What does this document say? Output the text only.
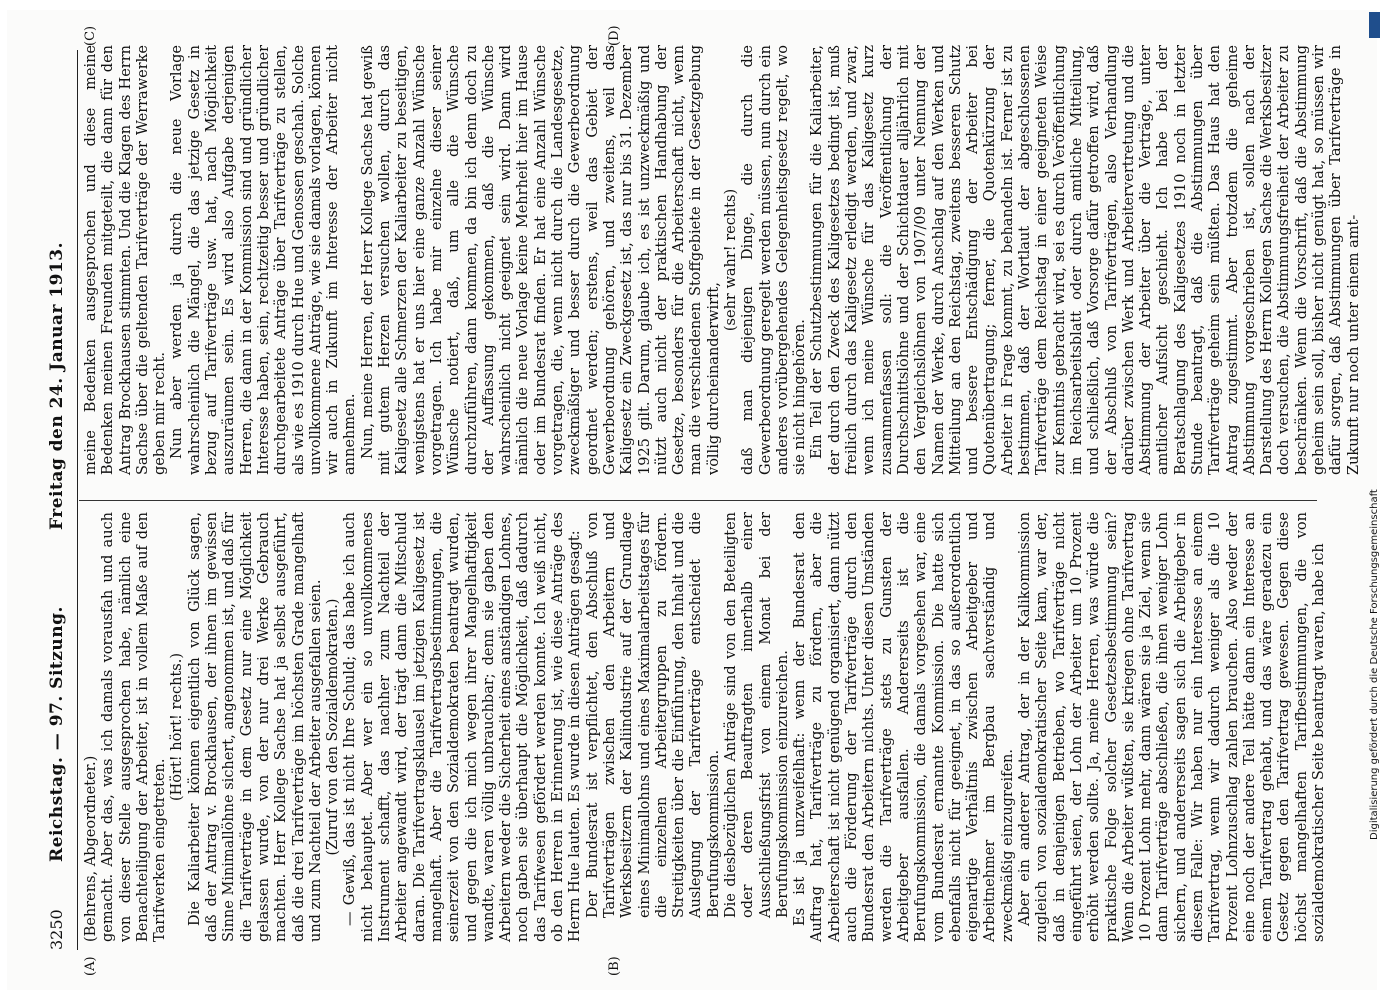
3250
Reichstag. — 97. Sitzung.
Freitag den 24. Januar 1913.
(A)	(B)
(C)	(D)

(Behrens, Abgeordneter.) gemacht. Aber das, was ich damals vorausfah und auch von dieser Stelle ausgesprochen habe, nämlich eine Benachteiligung der Arbeiter, ist in vollem Maße auf den Tarifwerken eingetreten.

(Hört! hört! rechts.) Die Kaliarbeiter können eigentlich von Glück sagen, daß der Antrag v. Brockhausen, der ihnen im gewissen Sinne Minimallöhne sichert, angenommen ist, und daß für die Tarifverträge in dem Gesetz nur eine Möglichkeit gelassen wurde, von der nur drei Werke Gebrauch machten. Herr Kollege Sachse hat ja selbst ausgeführt, daß die drei Tarifverträge im höchsten Grade mangelhaft und zum Nachteil der Arbeiter ausgefallen seien. (Zuruf von den Sozialdemokraten.) — Gewiß, das ist nicht Ihre Schuld; das habe ich auch nicht behauptet. Aber wer ein so unvollkommenes Instrument schafft, das nachher zum Nachteil der Arbeiter angewandt wird, der trägt dann die Mitschuld daran. Die Tarifvertragsklausel im jetzigen Kaligesetz ist mangelhaft. Aber die Tarifvertragsbestimmungen, die seinerzeit von den Sozialdemokraten beantragt wurden, und gegen die ich mich wegen ihrer Mangelhaftigkeit wandte, waren völlig unbrauchbar; denn sie gaben den Arbeitern weder die Sicherheit eines anständigen Lohnes, noch gaben sie überhaupt die Möglichkeit, daß dadurch das Tarifwesen gefördert werden konnte. Ich weiß nicht, ob den Herren in Erinnerung ist, wie diese Anträge des Herrn Hue lauten. Es wurde in diesen Anträgen gesagt: Der Bundesrat ist verpflichtet, den Abschluß von Tarifverträgen zwischen den Arbeitern und Werksbesitzern der Kaliindustrie auf der Grundlage eines Minimallohns und eines Maximalarbeitstages für die einzelnen Arbeitergruppen zu fördern. Streitigkeiten über die Einführung, den Inhalt und die Auslegung der Tarifverträge entscheidet die Berufungskommission. Die diesbezüglichen Anträge sind von den Beteiligten oder deren Beauftragten innerhalb einer Ausschließungsfrist von einem Monat bei der Berufungskommission einzureichen. Es ist ja unzweifelhaft: wenn der Bundesrat den Auftrag hat, Tarifverträge zu fördern, aber die Arbeiterschaft ist nicht genügend organisiert, dann nützt auch die Förderung der Tarifverträge durch den Bundesrat den Arbeitern nichts. Unter diesen Umständen werden die Tarifverträge stets zu Gunsten der Arbeitgeber ausfallen. Andererseits ist die Berufungskommission, die damals vorgesehen war, eine vom Bundesrat ernannte Kommission. Die hatte sich ebenfalls nicht für geeignet, in das so außerordentlich eigenartige Verhältnis zwischen Arbeitgeber und Arbeitnehmer im Bergbau sachverständig und zweckmäßig einzugreifen. Aber ein anderer Antrag, der in der Kalikommission zugleich von sozialdemokratischer Seite kam, war der, daß in denjenigen Betrieben, wo Tarifverträge nicht eingeführt seien, der Lohn der Arbeiter um 10 Prozent erhöht werden sollte. Ja, meine Herren, was würde die praktische Folge solcher Gesetzesbestimmung sein? Wenn die Arbeiter wüßten, sie kriegen ohne Tarifvertrag 10 Prozent Lohn mehr, dann wären sie ja Ziel, wenn sie dann Tarifverträge abschließen, die ihnen weniger Lohn sichern, und andererseits sagen sich die Arbeitgeber in diesem Falle: Wir haben nur ein Interesse an einem Tarifvertrag, wenn wir dadurch weniger als die 10 Prozent Lohnzuschlag zahlen brauchen. Also weder der eine noch der andere Teil hätte dann ein Interesse an einem Tarifvertrag gehabt, und das wäre geradezu ein Gesetz gegen den Tarifvertrag gewesen. Gegen diese höchst mangelhaften Tarifbestimmungen, die von sozialdemokratischer Seite beantragt waren, habe ich

meine Bedenken ausgesprochen und diese meine Bedenken meinen Freunden mitgeteilt, die dann für den Antrag Brockhausen stimmten. Und die Klagen des Herrn Sachse über die geltenden Tarifverträge der Werrawerke geben mir recht. Nun aber werden ja durch die neue Vorlage wahrscheinlich die Mängel, die das jetzige Gesetz in bezug auf Tarifverträge usw. hat, nach Möglichkeit auszuräumen sein. Es wird also Aufgabe derjenigen Herren, die dann in der Kommission sind und gründlicher Interesse haben, sein, rechtzeitig besser und gründlicher durchgearbeitete Anträge über Tarifverträge zu stellen, als wie es 1910 durch Hue und Genossen geschah. Solche unvollkommene Anträge, wie sie damals vorlagen, können wir auch in Zukunft im Interesse der Arbeiter nicht annehmen. Nun, meine Herren, der Herr Kollege Sachse hat gewiß mit gutem Herzen versuchen wollen, durch das Kaligesetz alle Schmerzen der Kaliarbeiter zu beseitigen, wenigstens hat er uns hier eine ganze Anzahl Wünsche vorgetragen. Ich habe mir einzelne dieser seiner Wünsche notiert, daß, um alle die Wünsche durchzuführen, dann kommen, da bin ich denn doch zu der Auffassung gekommen, daß die Wünsche wahrscheinlich nicht geeignet sein wird. Dann wird nämlich die neue Vorlage keine Mehrheit hier im Hause oder im Bundesrat finden. Er hat eine Anzahl Wünsche vorgetragen, die, wenn nicht durch die Landesgesetze, zweckmäßiger und besser durch die Gewerbeordnung geordnet werden; erstens, weil das Gebiet der Gewerbeordnung gehören, und zweitens, weil das Kaligesetz ein Zweckgesetz ist, das nur bis 31. Dezember 1925 gilt. Darum, glaube ich, es ist unzweckmäßig und nützt auch nicht der praktischen Handhabung der Gesetze, besonders für die Arbeiterschaft nicht, wenn man die verschiedenen Stoffgebiete in der Gesetzgebung völlig durcheinanderwirft,

(sehr wahr! rechts) daß man diejenigen Dinge, die durch die Gewerbeordnung geregelt werden müssen, nun durch ein anderes vorübergehendes Gelegenheitsgesetz regelt, wo sie nicht hingehören. Ein Teil der Schutzbestimmungen für die Kaliarbeiter, der durch den Zweck des Kaligesetzes bedingt ist, muß freilich durch das Kaligesetz erledigt werden, und zwar, wenn ich meine Wünsche für das Kaligesetz kurz zusammenfassen soll: die Veröffentlichung der Durchschnittslöhne und der Schichtdauer alljährlich mit den Vergleichslöhnen von 1907/09 unter Nennung der Namen der Werke, durch Anschlag auf den Werken und Mitteilung an den Reichstag, zweitens besseren Schutz und bessere Entschädigung der Arbeiter bei Quotenübertragung; ferner, die Quotenkürzung der Arbeiter in Frage kommt, zu behandeln ist. Ferner ist zu bestimmen, daß der Wortlaut der abgeschlossenen Tarifverträge dem Reichstag in einer geeigneten Weise zur Kenntnis gebracht wird, sei es durch Veröffentlichung im Reichsarbeitsblatt oder durch amtliche Mitteilung, und schließlich, daß Vorsorge dafür getroffen wird, daß der Abschluß von Tarifverträgen, also Verhandlung darüber zwischen Werk und Arbeitervertretung und die Abstimmung der Arbeiter über die Verträge, unter amtlicher Aufsicht geschieht. Ich habe bei der Beratschlagung des Kaligesetzes 1910 noch in letzter Stunde beantragt, daß die Abstimmungen über Tarifverträge geheim sein müßten. Das Haus hat den Antrag zugestimmt. Aber trotzdem die geheime Abstimmung vorgeschrieben ist, sollen nach der Darstellung des Herrn Kollegen Sachse die Werksbesitzer doch versuchen, die Abstimmungsfreiheit der Arbeiter zu beschränken. Wenn die Vorschrift, daß die Abstimmung geheim sein soll, bisher nicht genügt hat, so müssen wir dafür sorgen, daß Abstimmungen über Tarifverträge in Zukunft nur noch unter einem amt-

Digitalisierung gefördert durch die Deutsche Forschungsgemeinschaft
